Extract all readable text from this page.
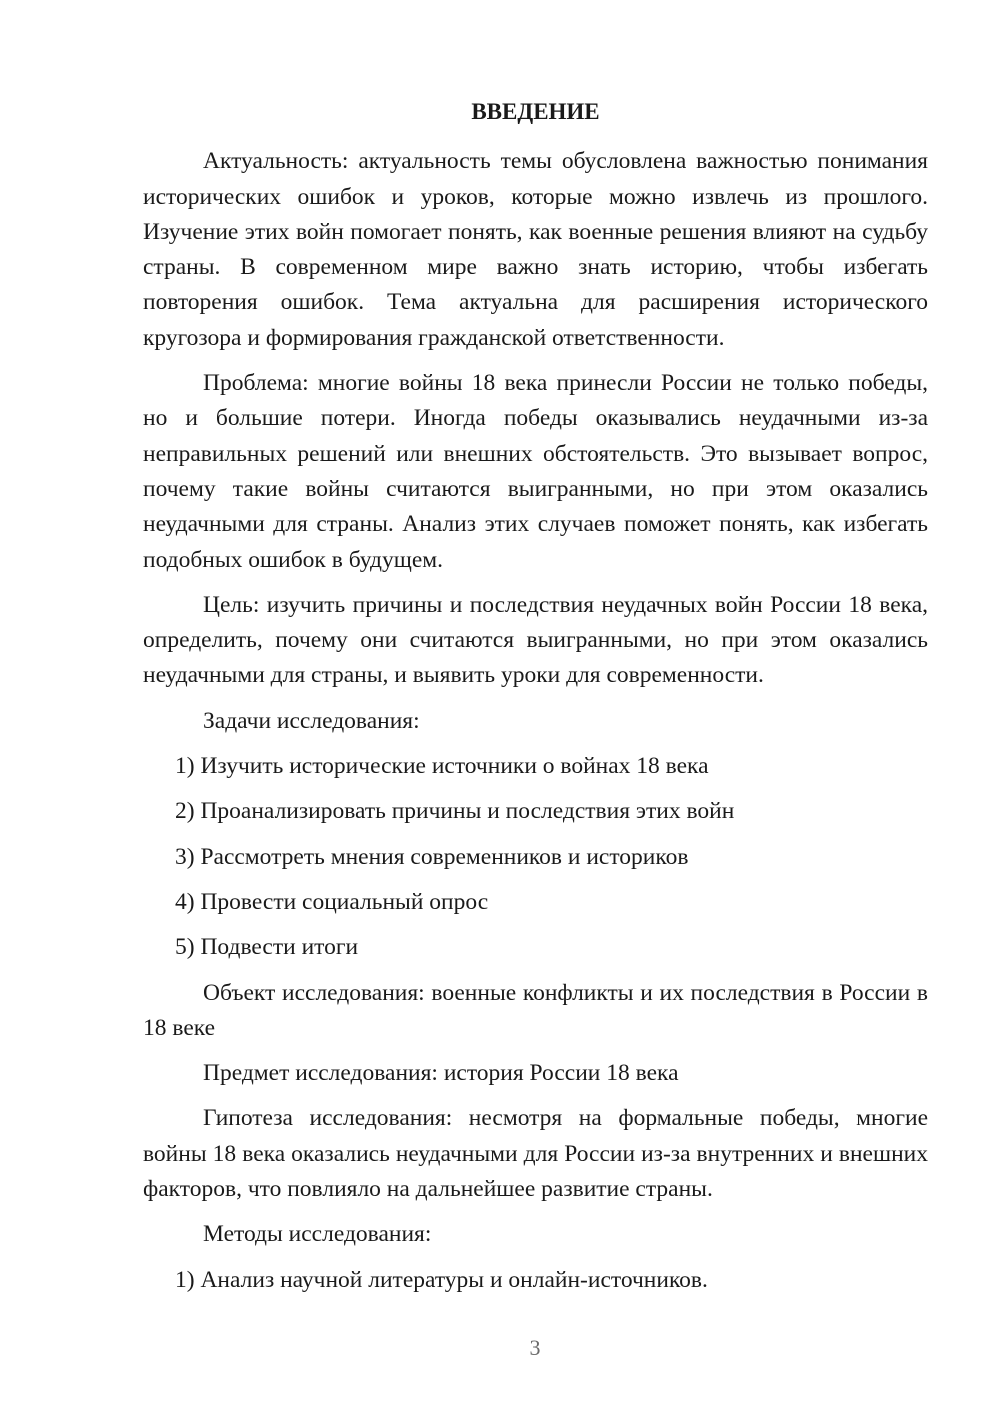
ВВЕДЕНИЕ

Актуальность: актуальность темы обусловлена важностью понимания исторических ошибок и уроков, которые можно извлечь из прошлого. Изучение этих войн помогает понять, как военные решения влияют на судьбу страны. В современном мире важно знать историю, чтобы избегать повторения ошибок. Тема актуальна для расширения исторического кругозора и формирования гражданской ответственности.

Проблема: многие войны 18 века принесли России не только победы, но и большие потери. Иногда победы оказывались неудачными из-за неправильных решений или внешних обстоятельств. Это вызывает вопрос, почему такие войны считаются выигранными, но при этом оказались неудачными для страны. Анализ этих случаев поможет понять, как избегать подобных ошибок в будущем.

Цель: изучить причины и последствия неудачных войн России 18 века, определить, почему они считаются выигранными, но при этом оказались неудачными для страны, и выявить уроки для современности.

Задачи исследования:

1) Изучить исторические источники о войнах 18 века
2) Проанализировать причины и последствия этих войн
3) Рассмотреть мнения современников и историков
4) Провести социальный опрос
5) Подвести итоги

Объект исследования: военные конфликты и их последствия в России в 18 веке

Предмет исследования: история России 18 века

Гипотеза исследования: несмотря на формальные победы, многие войны 18 века оказались неудачными для России из-за внутренних и внешних факторов, что повлияло на дальнейшее развитие страны.

Методы исследования:

1) Анализ научной литературы и онлайн-источников.
3
